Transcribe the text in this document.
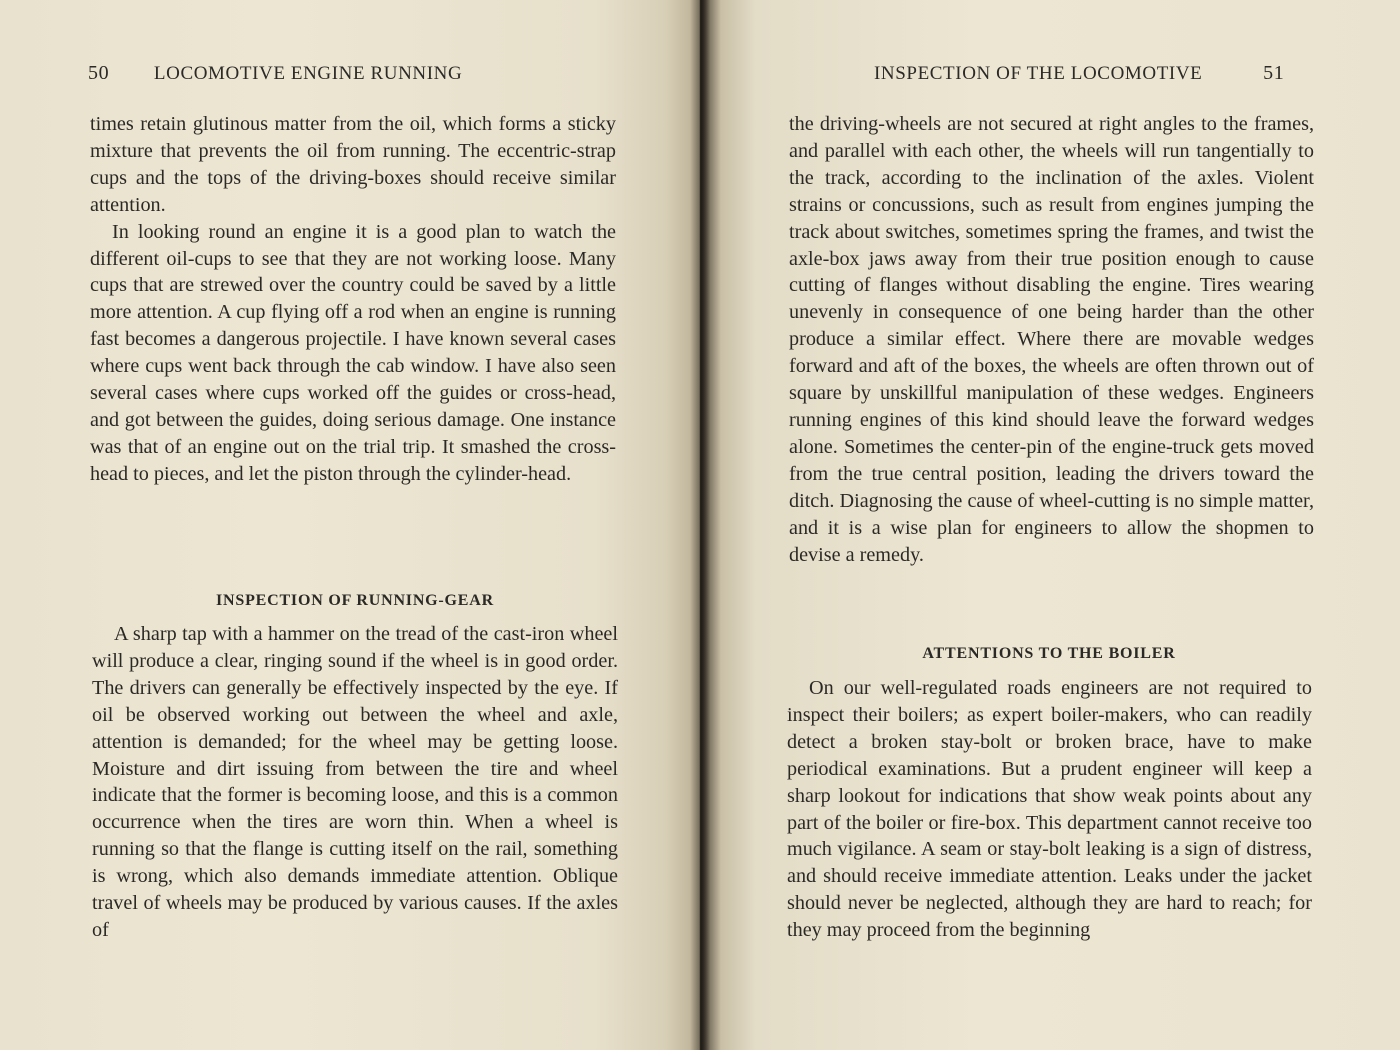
50 LOCOMOTIVE ENGINE RUNNING

times retain glutinous matter from the oil, which forms a sticky mixture that prevents the oil from running. The eccentric-strap cups and the tops of the driving-boxes should receive similar attention.

In looking round an engine it is a good plan to watch the different oil-cups to see that they are not working loose. Many cups that are strewed over the country could be saved by a little more attention. A cup flying off a rod when an engine is running fast becomes a dangerous projectile. I have known several cases where cups went back through the cab window. I have also seen several cases where cups worked off the guides or cross-head, and got between the guides, doing serious damage. One instance was that of an engine out on the trial trip. It smashed the cross-head to pieces, and let the piston through the cylinder-head.

INSPECTION OF RUNNING-GEAR

A sharp tap with a hammer on the tread of the cast-iron wheel will produce a clear, ringing sound if the wheel is in good order. The drivers can generally be effectively inspected by the eye. If oil be observed working out between the wheel and axle, attention is demanded; for the wheel may be getting loose. Moisture and dirt issuing from between the tire and wheel indicate that the former is becoming loose, and this is a common occurrence when the tires are worn thin. When a wheel is running so that the flange is cutting itself on the rail, something is wrong, which also demands immediate attention. Oblique travel of wheels may be produced by various causes. If the axles of

INSPECTION OF THE LOCOMOTIVE	51

the driving-wheels are not secured at right angles to the frames, and parallel with each other, the wheels will run tangentially to the track, according to the inclination of the axles. Violent strains or concussions, such as result from engines jumping the track about switches, sometimes spring the frames, and twist the axle-box jaws away from their true position enough to cause cutting of flanges without disabling the engine. Tires wearing unevenly in consequence of one being harder than the other produce a similar effect. Where there are movable wedges forward and aft of the boxes, the wheels are often thrown out of square by unskillful manipulation of these wedges. Engineers running engines of this kind should leave the forward wedges alone. Sometimes the center-pin of the engine-truck gets moved from the true central position, leading the drivers toward the ditch. Diagnosing the cause of wheel-cutting is no simple matter, and it is a wise plan for engineers to allow the shopmen to devise a remedy.

ATTENTIONS TO THE BOILER

On our well-regulated roads engineers are not required to inspect their boilers; as expert boiler-makers, who can readily detect a broken stay-bolt or broken brace, have to make periodical examinations. But a prudent engineer will keep a sharp lookout for indications that show weak points about any part of the boiler or fire-box. This department cannot receive too much vigilance. A seam or stay-bolt leaking is a sign of distress, and should receive immediate attention. Leaks under the jacket should never be neglected, although they are hard to reach; for they may proceed from the beginning
